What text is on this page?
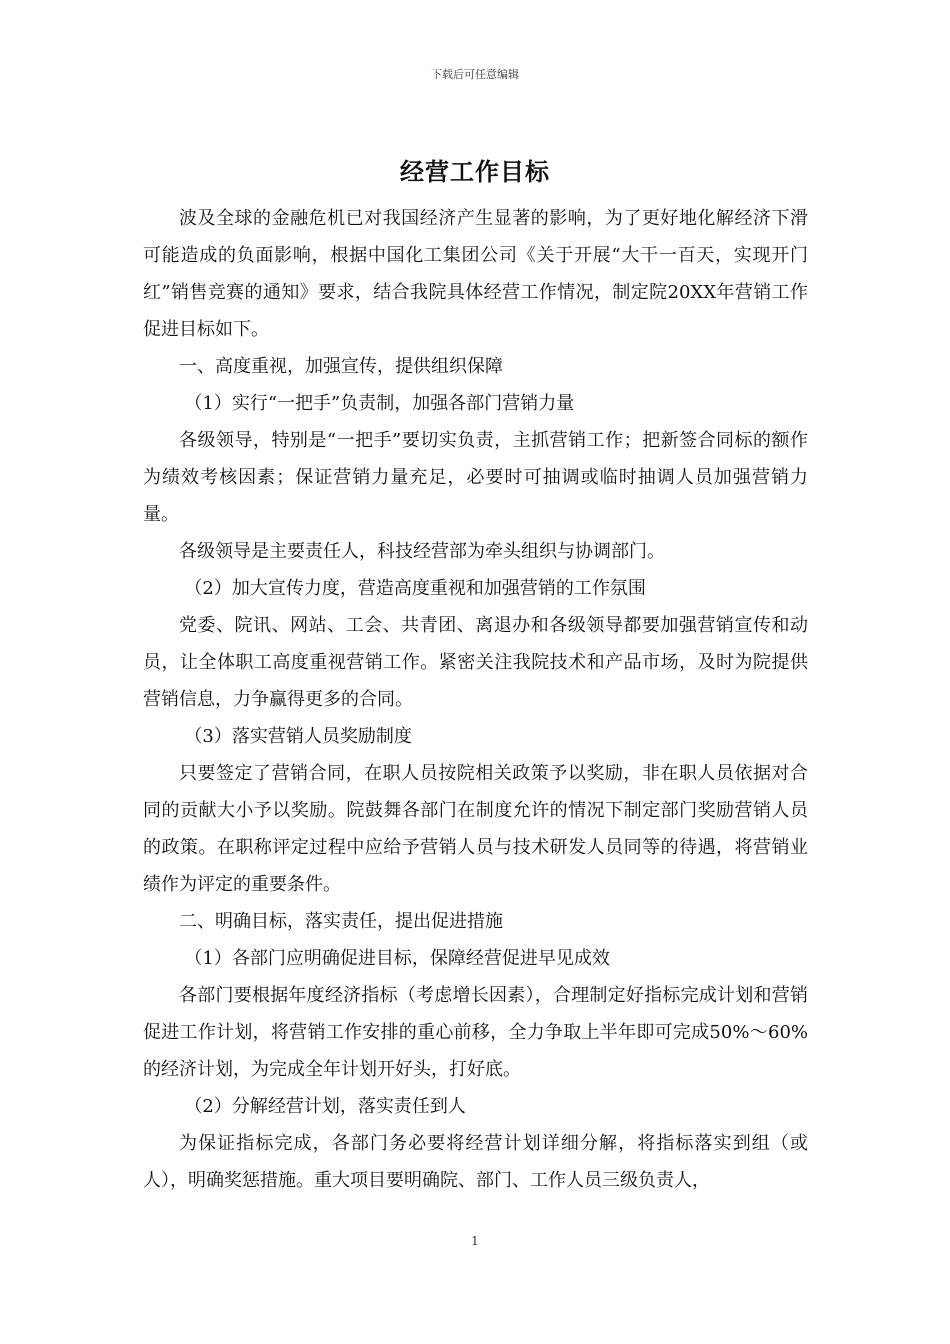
下载后可任意编辑
经营工作目标

波及全球的金融危机已对我国经济产生显著的影响，为了更好地化解经济下滑可能造成的负面影响，根据中国化工集团公司《关于开展“大干一百天，实现开门红”销售竞赛的通知》要求，结合我院具体经营工作情况，制定院20XX年营销工作促进目标如下。

一、高度重视，加强宣传，提供组织保障

（1）实行“一把手”负责制，加强各部门营销力量

各级领导，特别是“一把手”要切实负责，主抓营销工作；把新签合同标的额作为绩效考核因素；保证营销力量充足，必要时可抽调或临时抽调人员加强营销力量。

各级领导是主要责任人，科技经营部为牵头组织与协调部门。

（2）加大宣传力度，营造高度重视和加强营销的工作氛围

党委、院讯、网站、工会、共青团、离退办和各级领导都要加强营销宣传和动员，让全体职工高度重视营销工作。紧密关注我院技术和产品市场，及时为院提供营销信息，力争赢得更多的合同。

（3）落实营销人员奖励制度

只要签定了营销合同，在职人员按院相关政策予以奖励，非在职人员依据对合同的贡献大小予以奖励。院鼓舞各部门在制度允许的情况下制定部门奖励营销人员的政策。在职称评定过程中应给予营销人员与技术研发人员同等的待遇，将营销业绩作为评定的重要条件。

二、明确目标，落实责任，提出促进措施

（1）各部门应明确促进目标，保障经营促进早见成效

各部门要根据年度经济指标（考虑增长因素），合理制定好指标完成计划和营销促进工作计划，将营销工作安排的重心前移，全力争取上半年即可完成50%～60%的经济计划，为完成全年计划开好头，打好底。

（2）分解经营计划，落实责任到人

为保证指标完成，各部门务必要将经营计划详细分解，将指标落实到组（或人），明确奖惩措施。重大项目要明确院、部门、工作人员三级负责人，

1
